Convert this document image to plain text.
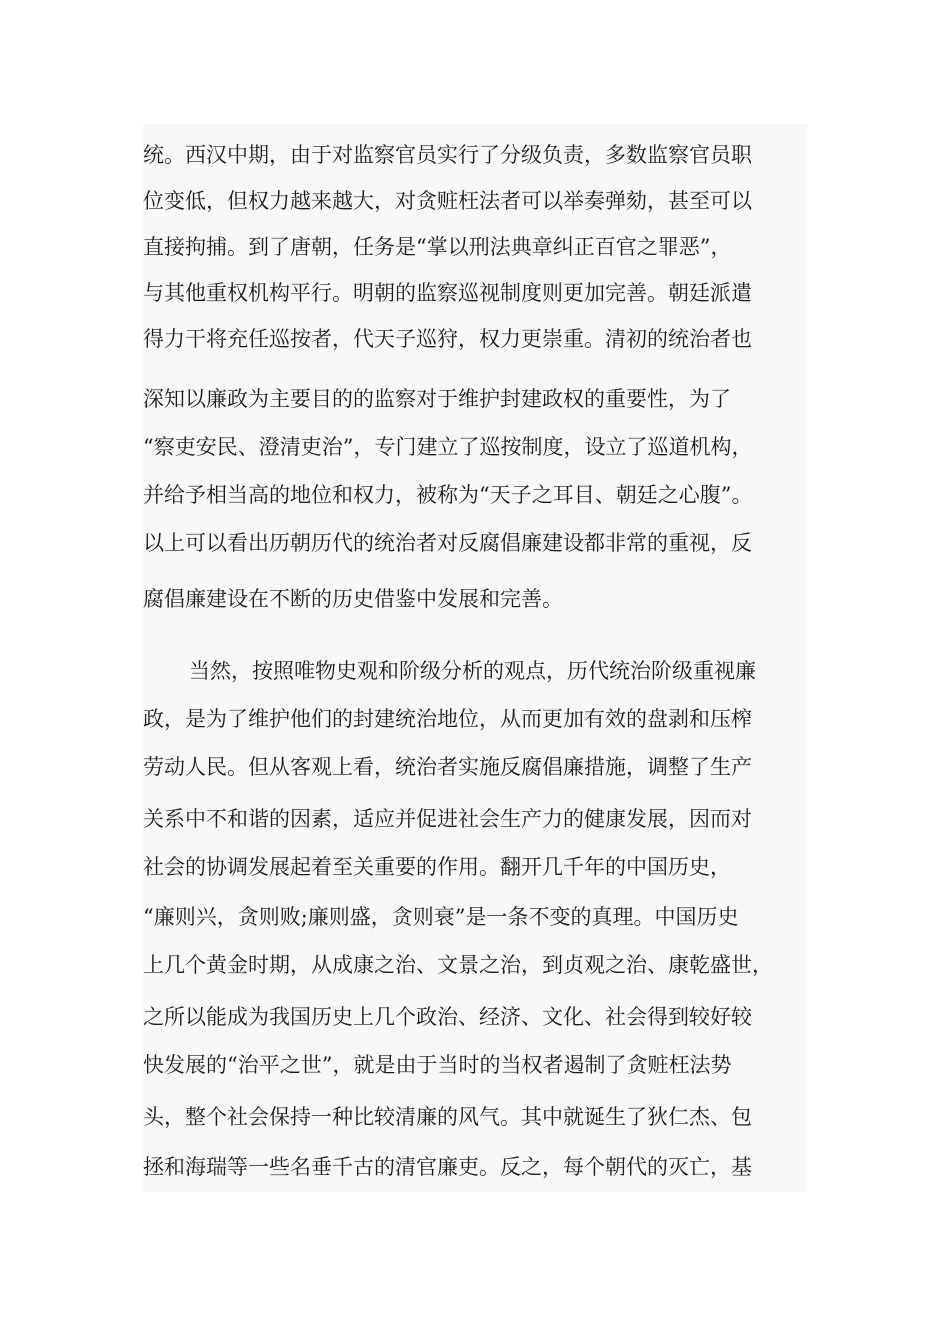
统。西汉中期，由于对监察官员实行了分级负责，多数监察官员职
位变低，但权力越来越大，对贪赃枉法者可以举奏弹劾，甚至可以
直接拘捕。到了唐朝，任务是“掌以刑法典章纠正百官之罪恶”，
与其他重权机构平行。明朝的监察巡视制度则更加完善。朝廷派遣
得力干将充任巡按者，代天子巡狩，权力更崇重。清初的统治者也
深知以廉政为主要目的的监察对于维护封建政权的重要性，为了
“察吏安民、澄清吏治”，专门建立了巡按制度，设立了巡道机构，
并给予相当高的地位和权力，被称为“天子之耳目、朝廷之心腹”。
以上可以看出历朝历代的统治者对反腐倡廉建设都非常的重视，反
腐倡廉建设在不断的历史借鉴中发展和完善。
当然，按照唯物史观和阶级分析的观点，历代统治阶级重视廉
政，是为了维护他们的封建统治地位，从而更加有效的盘剥和压榨
劳动人民。但从客观上看，统治者实施反腐倡廉措施，调整了生产
关系中不和谐的因素，适应并促进社会生产力的健康发展，因而对
社会的协调发展起着至关重要的作用。翻开几千年的中国历史，
“廉则兴，贪则败;廉则盛，贪则衰”是一条不变的真理。中国历史
上几个黄金时期，从成康之治、文景之治，到贞观之治、康乾盛世，
之所以能成为我国历史上几个政治、经济、文化、社会得到较好较
快发展的“治平之世”，就是由于当时的当权者遏制了贪赃枉法势
头，整个社会保持一种比较清廉的风气。其中就诞生了狄仁杰、包
拯和海瑞等一些名垂千古的清官廉吏。反之，每个朝代的灭亡，基
